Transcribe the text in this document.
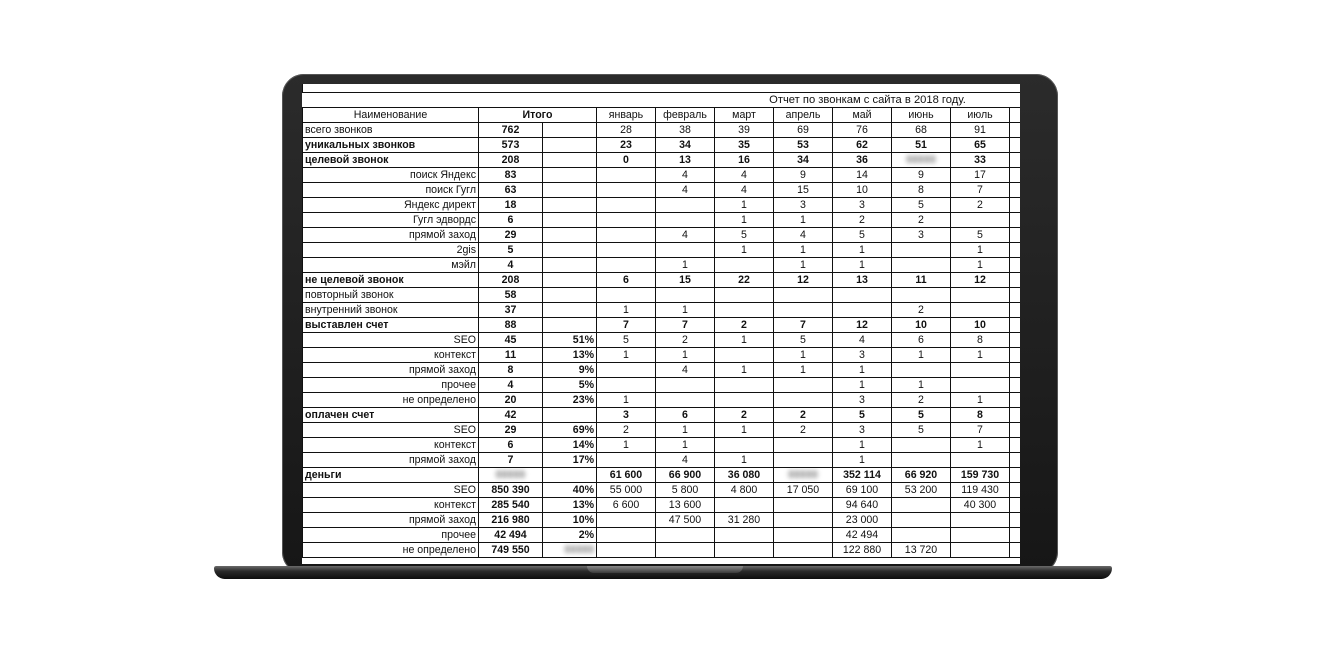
					Отчет по звонкам с сайта в 2018 году.					
Наименование	Итого		январь	февраль	март	апрель	май	июнь	июль	
всего звонков	762		28	38	39	69	76	68	91	
уникальных звонков	573		23	34	35	53	62	51	65	
целевой звонок	208		0	13	16	34	36	00000	33	
поиск Яндекс	83			4	4	9	14	9	17	
поиск Гугл	63			4	4	15	10	8	7	
Яндекс директ	18				1	3	3	5	2	
Гугл эдвордс	6				1	1	2	2		
прямой заход	29			4	5	4	5	3	5	
2gis	5				1	1	1		1	
мэйл	4			1		1	1		1	
не целевой звонок	208		6	15	22	12	13	11	12	
повторный звонок	58									
внутренний звонок	37		1	1				2		
выставлен счет	88		7	7	2	7	12	10	10	
SEO	45	51%	5	2	1	5	4	6	8	
контекст	11	13%	1	1		1	3	1	1	
прямой заход	8	9%		4	1	1	1			
прочее	4	5%					1	1		
не определено	20	23%	1				3	2	1	
оплачен счет	42		3	6	2	2	5	5	8	
SEO	29	69%	2	1	1	2	3	5	7	
контекст	6	14%	1	1			1		1	
прямой заход	7	17%		4	1		1			
деньги	00000		61 600	66 900	36 080	00000	352 114	66 920	159 730	
SEO	850 390	40%	55 000	5 800	4 800	17 050	69 100	53 200	119 430	
контекст	285 540	13%	6 600	13 600			94 640		40 300	
прямой заход	216 980	10%		47 500	31 280		23 000			
прочее	42 494	2%					42 494			
не определено	749 550	00000					122 880	13 720		
